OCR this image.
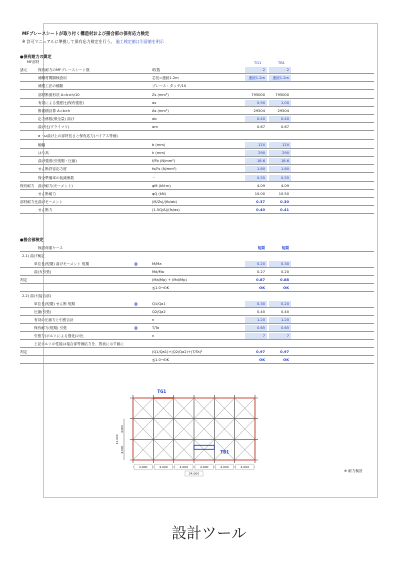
MFブレースシートが取り付く構造材および接合部の保有応力検定
※ 許可マニュアルに準拠して保有応力検定を行う。 施工検定値は引留値を明示
●保有耐力の算定
MF部材	TG1	TB1
諸元	保有耐力のMFブレースシート数	i枚数	2	2
補剛材間隔検査用	芯長=連続1.2m	連続1.2m	連続1.2m
補強工法の種類	ブレース・タッチ/10
部材断面形状 A=b×h/10	Zs (mm³)	795000	795000
有効による強度比(保有強度)	αs	0.90	1.00
断面積計算 A=b×h	As (mm²)	29504	29504
応力係数(保全量) 曲げ	αb	0.40	0.40
曲げ比(プライマリ)	αm	0.67	0.67
α・ω曲げ上の部材長さと保有応力(バイアス等価)
幅幅	b (mm)	120	120
はり高	h (mm)	290	290
曲げ強度(引張側・圧縮)	f/Fb (N/mm²)	18.6	18.6
せん断許容応力度	fs/Fs (N/mm²)	1.60	1.60
保全準備率の低減係数	－	0.55	0.55
保有耐力 曲げ耐力(モーメント)	φM (kN·m)	4.09	4.09
せん断耐力	φQ (kN)	10.00	10.50
部材耐力比 曲げモーメント	(M/Zs)/(fb/αb)	0.37	0.30
せん断力	(1.5Q/A)/(fs/αs)	0.40	0.41
●接合部検定
検討荷重ケース	短期	短期
2.1) 曲げ検定
単位長(短期) 曲げモーメント 短期	※	M/Ma	0.20	0.30
曲げ(引張)	Md/Ma	0.27	0.20
判定	(Ma/Mp) + (Md/Mp)	0.87	0.88
≦1.0→OK	OK	OK
2.2) 曲げ(接合部)
単位長(短期) せん断 短期	※	Q1/Qa1	0.30	0.20
圧縮(引張)	Q2/Qa2	0.40	0.40
有効の圧縮力と引張合計	n	1.20	1.20
保有耐力(短期) 引張	※	T/Ta	0.65	0.65
引張力(ボルトによる強化)の比	n	7	7
上記ボルトの性能は接合部等価応力を、図表に示す値に
判定	(Q1/Qa1)+(Q2/Qa2)+(T/Ta)²	0.97	0.97
≦1.0→OK	OK	OK
TG1
TB1
4,000	4,000	4,000	4,000	4,000	4,000
24,000
4,000
4,000
12,000
※ 耐力検討
設計ツール
